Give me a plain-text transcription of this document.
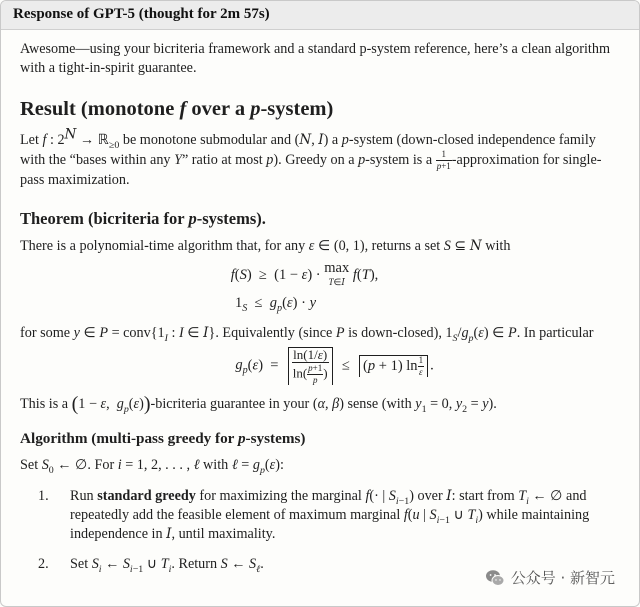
Response of GPT-5 (thought for 2m 57s)

Awesome—using your bicriteria framework and a standard p-system reference, here’s a clean algorithm with a tight-in-spirit guarantee.

Result (monotone f over a p-system)

Let f : $2^N$ → ℝ$_{\ge 0}$ be monotone submodular and (N, I) a p-system (down-closed independence family with the “bases within any Y” ratio at most p). Greedy on a p-system is a $\frac{1}{p+1}$ -approximation for single-pass maximization.

Theorem (bicriteria for p-systems).

There is a polynomial-time algorithm that, for any ε ∈ (0, 1), returns a set S ⊆ N with

f(S)  ≥  (1 − ε) · max
T∈I f(T),
$1_S \le g_p(\varepsilon) \cdot y$

for some y ∈ $P = conv\{1_I$ : I ∈ I}. Equivalently (since P is down-closed), $1_S/g_p(\varepsilon)$ ∈ P. In particular

$g_p(\varepsilon) = \frac{\ln(1/\varepsilon)}{\ln( \frac{p+1}{p} )} \le (p + 1)$ $\ln \frac{1}{\varepsilon}$ .

This is a (1 − ε,  $g_p(\varepsilon)$)-bicriteria guarantee in your (α, β) sense (with $y_1 = 0$, $y_2 = y$).

Algorithm (multi-pass greedy for p-systems)

Set $S_0$ ← ∅. For i = 1, 2, . . . , ℓ with ℓ = $g_p(\varepsilon)$:

1. Run standard greedy for maximizing the marginal f(· | $S_{i-1}$) over I: start from $T_i$ ← ∅ and repeatedly add the feasible element of maximum marginal f(u | $S_{i-1}$ ∪ $T_i$) while maintaining independence in I, until maximality.
2. Set $S_i$ ← $S_{i-1}$ ∪ $T_i$. Return S ← $S_\ell$.
公众号 · 新智元
